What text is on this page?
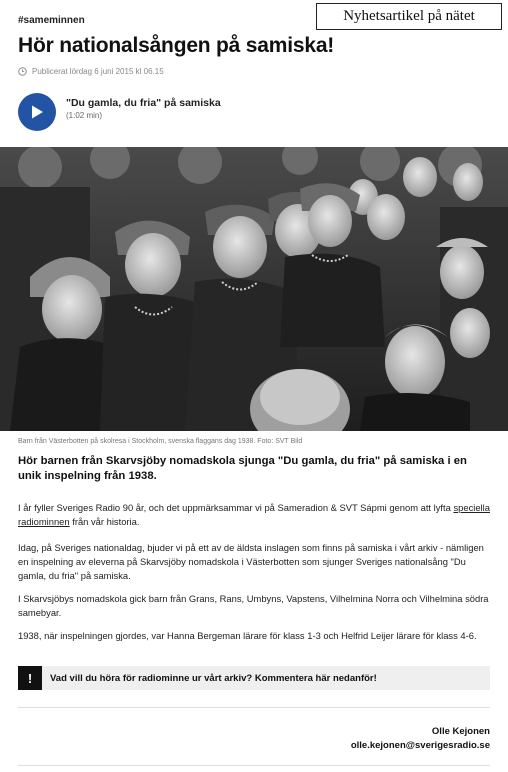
#sameminnen	Nyhetsartikel på nätet
Hör nationalsången på samiska!
Publicerat lördag 6 juni 2015 kl 06.15
"Du gamla, du fria" på samiska
(1:02 min)
Barn från Västerbotten på skolresa i Stockholm, svenska flaggans dag 1938. Foto: SVT Bild

Hör barnen från Skarvsjöby nomadskola sjunga "Du gamla, du fria" på samiska i en unik inspelning från 1938.

I år fyller Sveriges Radio 90 år, och det uppmärksammar vi på Sameradion & SVT Sápmi genom att lyfta speciella radiominnen från vår historia.

Idag, på Sveriges nationaldag, bjuder vi på ett av de äldsta inslagen som finns på samiska i vårt arkiv - nämligen en inspelning av eleverna på Skarvsjöby nomadskola i Västerbotten som sjunger Sveriges nationalsång "Du gamla, du fria" på samiska.

I Skarvsjöbys nomadskola gick barn från Grans, Rans, Umbyns, Vapstens, Vilhelmina Norra och Vilhelmina södra samebyar.

1938, när inspelningen gjordes, var Hanna Bergeman lärare för klass 1-3 och Helfrid Leijer lärare för klass 4-6.

!	Vad vill du höra för radiominne ur vårt arkiv? Kommentera här nedanför!
Olle Kejonen
olle.kejonen@sverigesradio.se
